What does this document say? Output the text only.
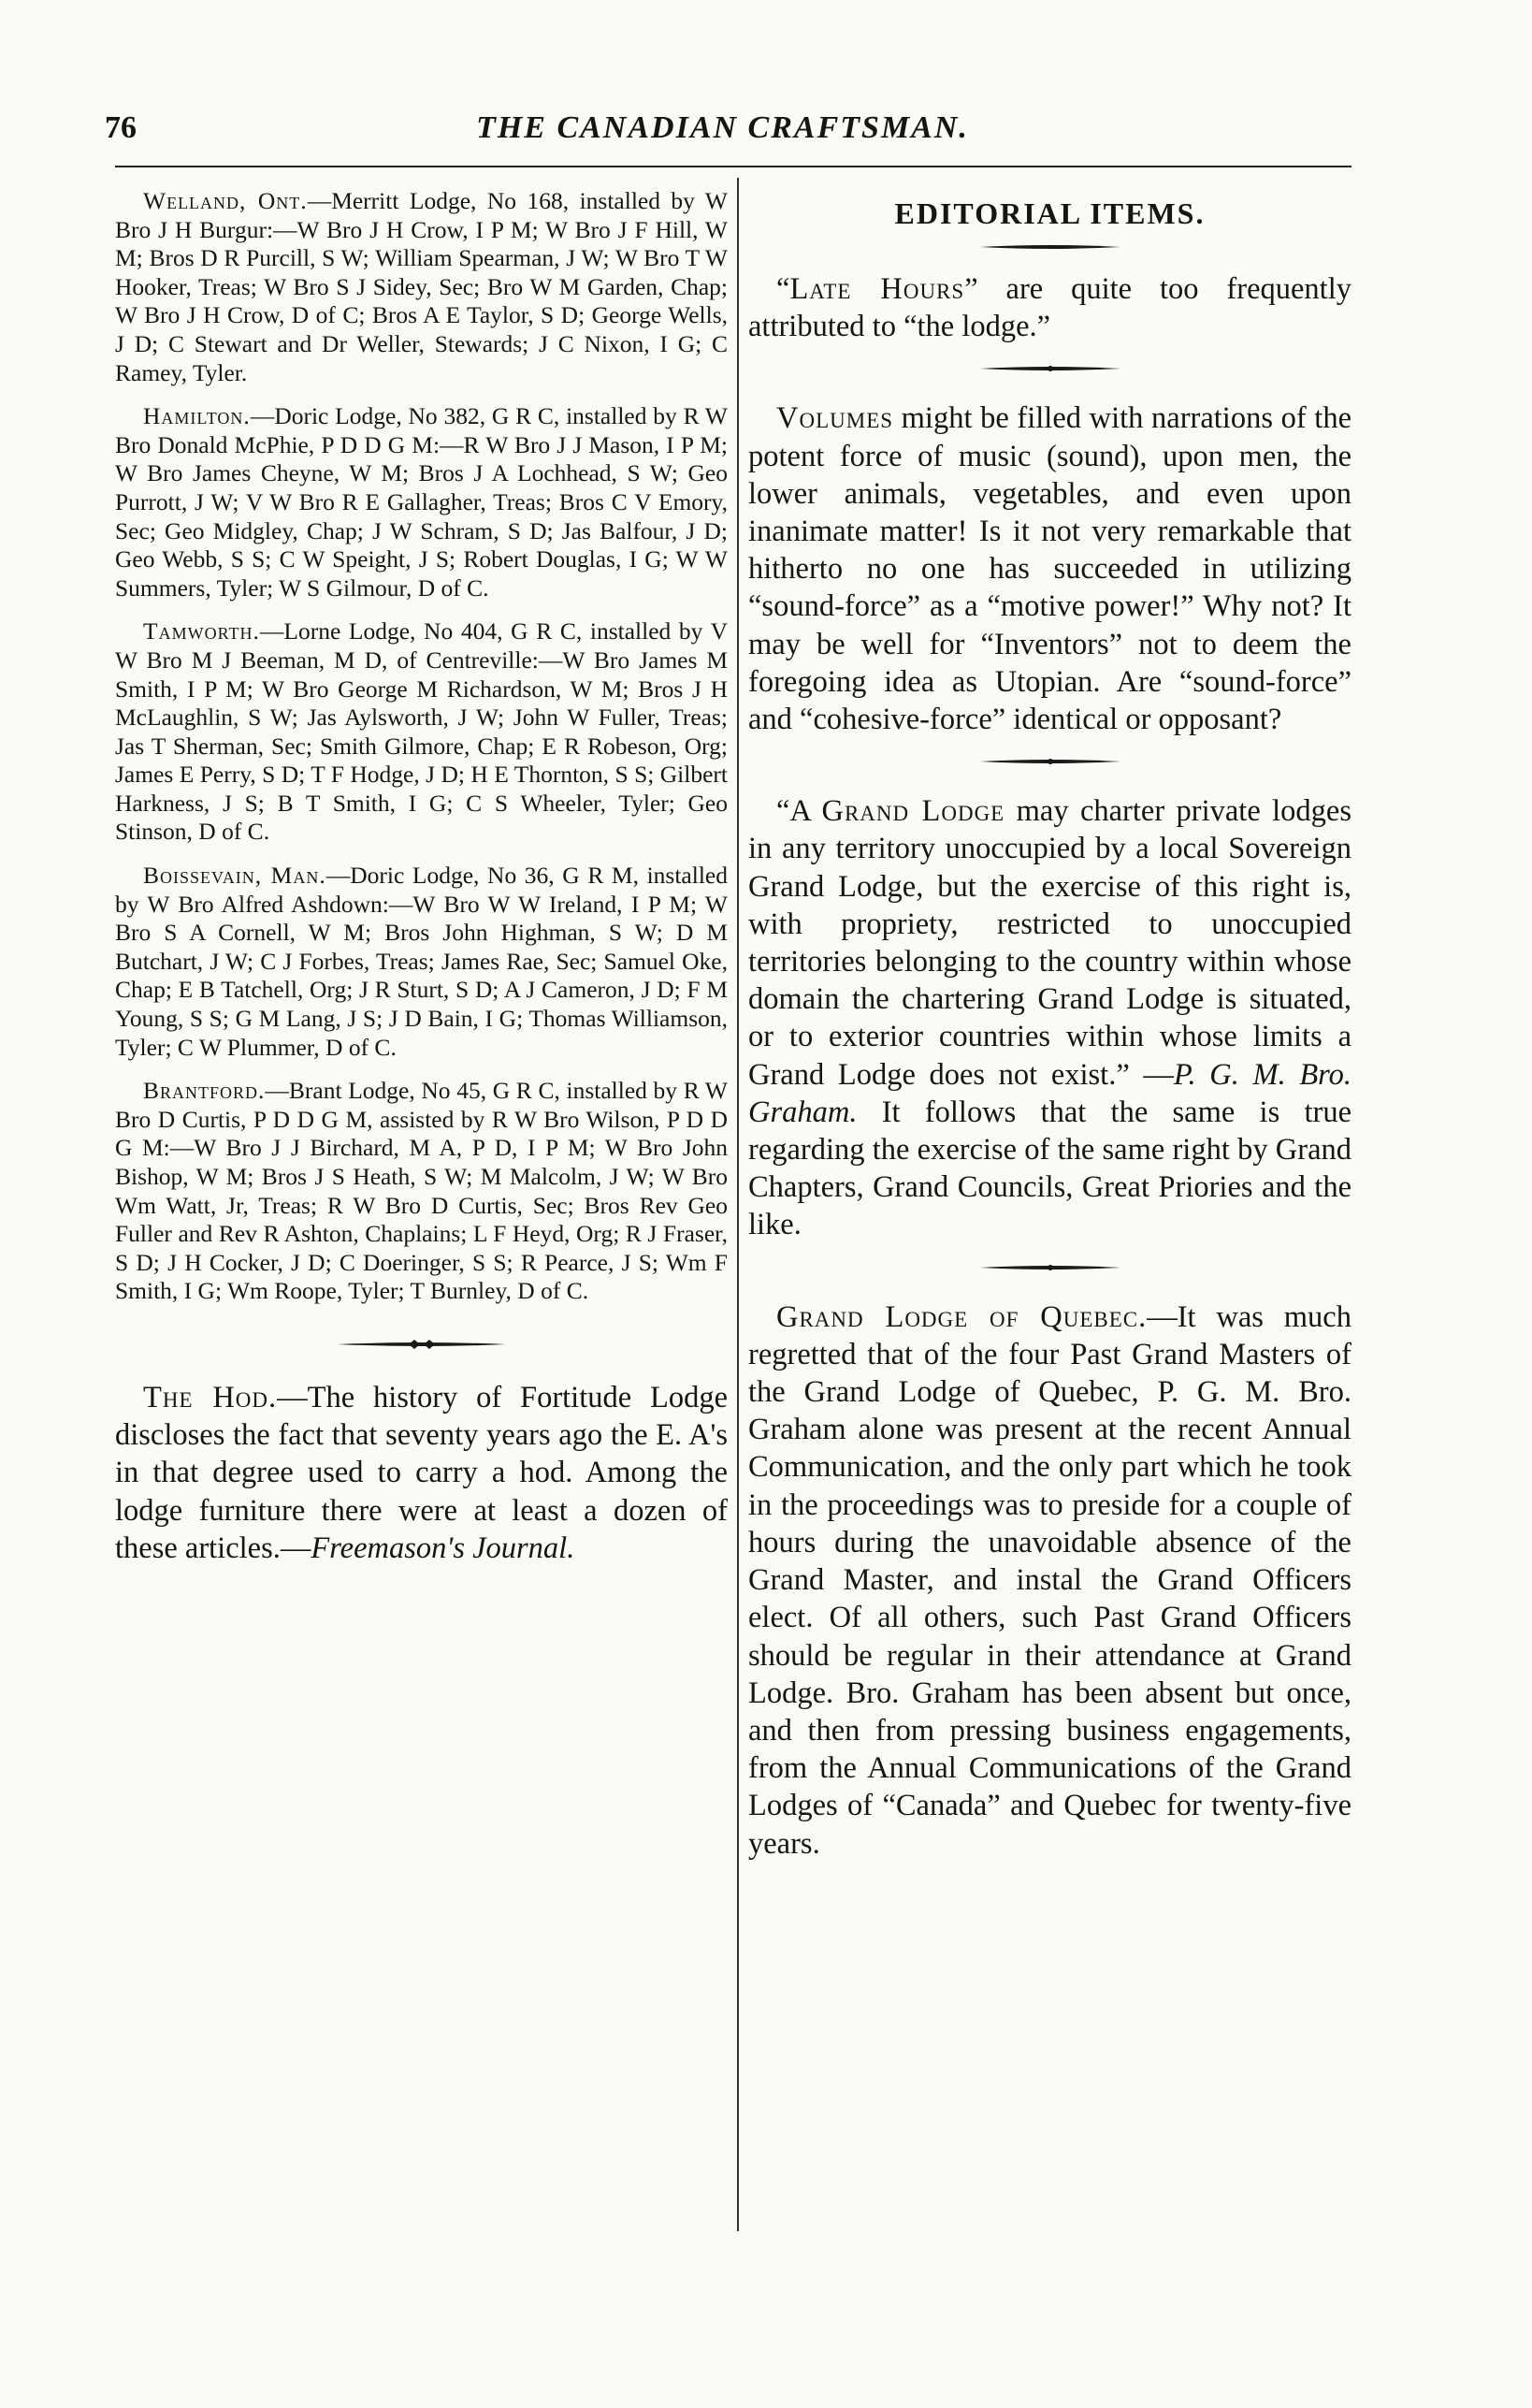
76	THE CANADIAN CRAFTSMAN.

Welland, Ont.—Merritt Lodge, No 168, installed by W Bro J H Burgur:—W Bro J H Crow, I P M; W Bro J F Hill, W M; Bros D R Purcill, S W; William Spearman, J W; W Bro T W Hooker, Treas; W Bro S J Sidey, Sec; Bro W M Garden, Chap; W Bro J H Crow, D of C; Bros A E Taylor, S D; George Wells, J D; C Stewart and Dr Weller, Stewards; J C Nixon, I G; C Ramey, Tyler.

Hamilton.—Doric Lodge, No 382, G R C, installed by R W Bro Donald McPhie, P D D G M:—R W Bro J J Mason, I P M; W Bro James Cheyne, W M; Bros J A Lochhead, S W; Geo Purrott, J W; V W Bro R E Gallagher, Treas; Bros C V Emory, Sec; Geo Midgley, Chap; J W Schram, S D; Jas Balfour, J D; Geo Webb, S S; C W Speight, J S; Robert Douglas, I G; W W Summers, Tyler; W S Gilmour, D of C.

Tamworth.—Lorne Lodge, No 404, G R C, installed by V W Bro M J Beeman, M D, of Centreville:—W Bro James M Smith, I P M; W Bro George M Richardson, W M; Bros J H McLaughlin, S W; Jas Aylsworth, J W; John W Fuller, Treas; Jas T Sherman, Sec; Smith Gilmore, Chap; E R Robeson, Org; James E Perry, S D; T F Hodge, J D; H E Thornton, S S; Gilbert Harkness, J S; B T Smith, I G; C S Wheeler, Tyler; Geo Stinson, D of C.

Boissevain, Man.—Doric Lodge, No 36, G R M, installed by W Bro Alfred Ashdown:—W Bro W W Ireland, I P M; W Bro S A Cornell, W M; Bros John Highman, S W; D M Butchart, J W; C J Forbes, Treas; James Rae, Sec; Samuel Oke, Chap; E B Tatchell, Org; J R Sturt, S D; A J Cameron, J D; F M Young, S S; G M Lang, J S; J D Bain, I G; Thomas Williamson, Tyler; C W Plummer, D of C.

Brantford.—Brant Lodge, No 45, G R C, installed by R W Bro D Curtis, P D D G M, assisted by R W Bro Wilson, P D D G M:—W Bro J J Birchard, M A, P D, I P M; W Bro John Bishop, W M; Bros J S Heath, S W; M Malcolm, J W; W Bro Wm Watt, Jr, Treas; R W Bro D Curtis, Sec; Bros Rev Geo Fuller and Rev R Ashton, Chaplains; L F Heyd, Org; R J Fraser, S D; J H Cocker, J D; C Doeringer, S S; R Pearce, J S; Wm F Smith, I G; Wm Roope, Tyler; T Burnley, D of C.

The Hod.—The history of Fortitude Lodge discloses the fact that seventy years ago the E. A's in that degree used to carry a hod. Among the lodge furniture there were at least a dozen of these articles.—Freemason's Journal.

EDITORIAL ITEMS.

“Late Hours” are quite too frequently attributed to “the lodge.”

Volumes might be filled with narrations of the potent force of music (sound), upon men, the lower animals, vegetables, and even upon inanimate matter! Is it not very remarkable that hitherto no one has succeeded in utilizing “sound-force” as a “motive power!” Why not? It may be well for “Inventors” not to deem the foregoing idea as Utopian. Are “sound-force” and “cohesive-force” identical or opposant?

“A Grand Lodge may charter private lodges in any territory unoccupied by a local Sovereign Grand Lodge, but the exercise of this right is, with propriety, restricted to unoccupied territories belonging to the country within whose domain the chartering Grand Lodge is situated, or to exterior countries within whose limits a Grand Lodge does not exist.” —P. G. M. Bro. Graham. It follows that the same is true regarding the exercise of the same right by Grand Chapters, Grand Councils, Great Priories and the like.

Grand Lodge of Quebec.—It was much regretted that of the four Past Grand Masters of the Grand Lodge of Quebec, P. G. M. Bro. Graham alone was present at the recent Annual Communication, and the only part which he took in the proceedings was to preside for a couple of hours during the unavoidable absence of the Grand Master, and instal the Grand Officers elect. Of all others, such Past Grand Officers should be regular in their attendance at Grand Lodge. Bro. Graham has been absent but once, and then from pressing business engagements, from the Annual Communications of the Grand Lodges of “Canada” and Quebec for twenty-five years.
